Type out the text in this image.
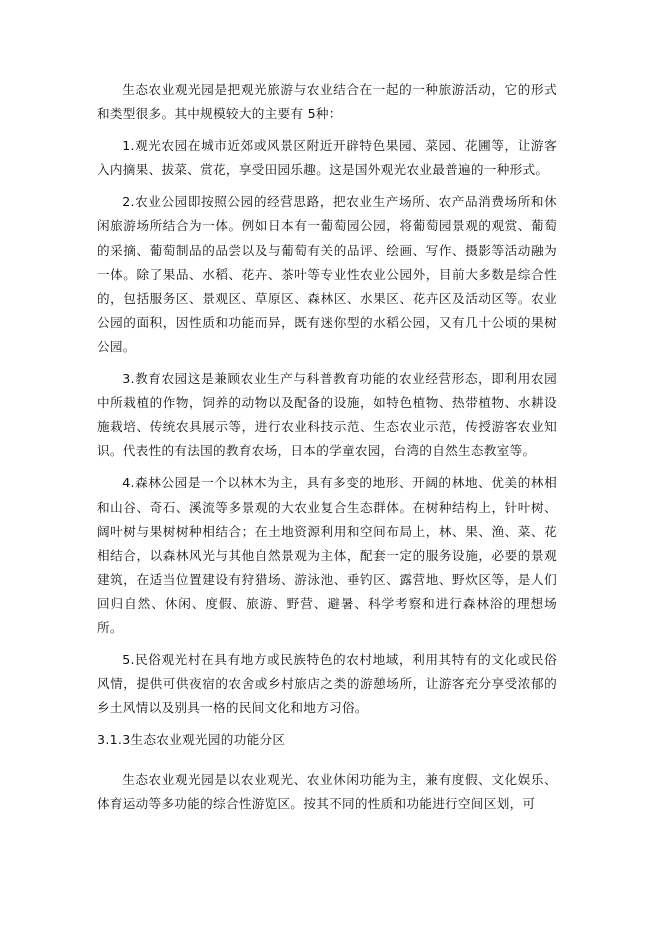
生态农业观光园是把观光旅游与农业结合在一起的一种旅游活动，它的形式和类型很多。其中规模较大的主要有 5种：

1.观光农园在城市近郊或风景区附近开辟特色果园、菜园、花圃等，让游客入内摘果、拔菜、赏花，享受田园乐趣。这是国外观光农业最普遍的一种形式。

2.农业公园即按照公园的经营思路，把农业生产场所、农产品消费场所和休闲旅游场所结合为一体。例如日本有一葡萄园公园，将葡萄园景观的观赏、葡萄的采摘、葡萄制品的品尝以及与葡萄有关的品评、绘画、写作、摄影等活动融为一体。除了果品、水稻、花卉、茶叶等专业性农业公园外，目前大多数是综合性的，包括服务区、景观区、草原区、森林区、水果区、花卉区及活动区等。农业公园的面积，因性质和功能而异，既有迷你型的水稻公园，又有几十公顷的果树公园。

3.教育农园这是兼顾农业生产与科普教育功能的农业经营形态，即利用农园中所栽植的作物，饲养的动物以及配备的设施，如特色植物、热带植物、水耕设施栽培、传统农具展示等，进行农业科技示范、生态农业示范，传授游客农业知识。代表性的有法国的教育农场，日本的学童农园，台湾的自然生态教室等。

4.森林公园是一个以林木为主，具有多变的地形、开阔的林地、优美的林相和山谷、奇石、溪流等多景观的大农业复合生态群体。在树种结构上，针叶树、阔叶树与果树树种相结合；在土地资源利用和空间布局上，林、果、渔、菜、花相结合，以森林风光与其他自然景观为主体，配套一定的服务设施，必要的景观建筑，在适当位置建设有狩猎场、游泳池、垂钓区、露营地、野炊区等，是人们回归自然、休闲、度假、旅游、野营、避暑、科学考察和进行森林浴的理想场所。

5.民俗观光村在具有地方或民族特色的农村地域，利用其特有的文化或民俗风情，提供可供夜宿的农舍或乡村旅店之类的游憩场所，让游客充分享受浓郁的乡土风情以及别具一格的民间文化和地方习俗。

3.1.3生态农业观光园的功能分区

生态农业观光园是以农业观光、农业休闲功能为主，兼有度假、文化娱乐、体育运动等多功能的综合性游览区。按其不同的性质和功能进行空间区划，可
